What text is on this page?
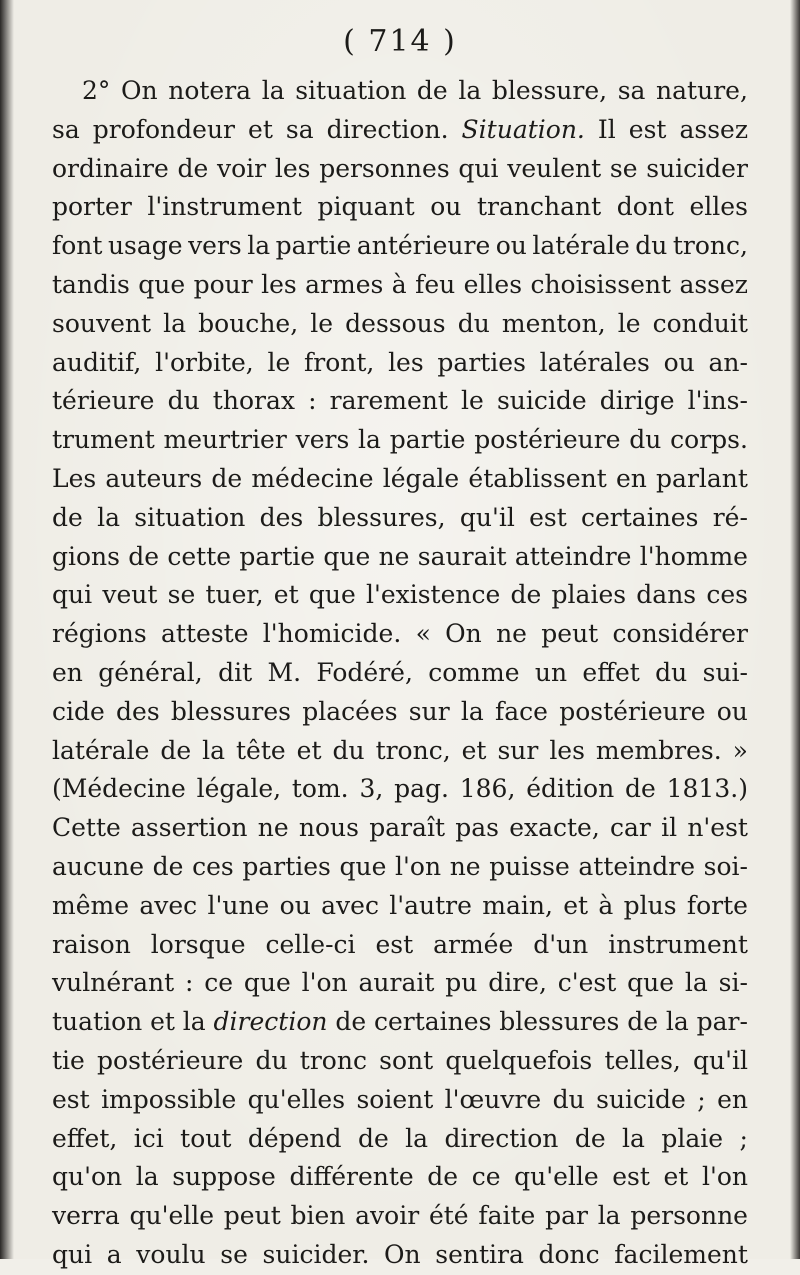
( 714 )
2° On notera la situation de la blessure, sa nature,
sa profondeur et sa direction. Situation. Il est assez
ordinaire de voir les personnes qui veulent se suicider
porter l'instrument piquant ou tranchant dont elles
font usage vers la partie antérieure ou latérale du tronc,
tandis que pour les armes à feu elles choisissent assez
souvent la bouche, le dessous du menton, le conduit
auditif, l'orbite, le front, les parties latérales ou an-
térieure du thorax : rarement le suicide dirige l'ins-
trument meurtrier vers la partie postérieure du corps.
Les auteurs de médecine légale établissent en parlant
de la situation des blessures, qu'il est certaines ré-
gions de cette partie que ne saurait atteindre l'homme
qui veut se tuer, et que l'existence de plaies dans ces
régions atteste l'homicide. « On ne peut considérer
en général, dit M. Fodéré, comme un effet du sui-
cide des blessures placées sur la face postérieure ou
latérale de la tête et du tronc, et sur les membres. »
(Médecine légale, tom. 3, pag. 186, édition de 1813.)
Cette assertion ne nous paraît pas exacte, car il n'est
aucune de ces parties que l'on ne puisse atteindre soi-
même avec l'une ou avec l'autre main, et à plus forte
raison lorsque celle-ci est armée d'un instrument
vulnérant : ce que l'on aurait pu dire, c'est que la si-
tuation et la direction de certaines blessures de la par-
tie postérieure du tronc sont quelquefois telles, qu'il
est impossible qu'elles soient l'œuvre du suicide ; en
effet, ici tout dépend de la direction de la plaie ;
qu'on la suppose différente de ce qu'elle est et l'on
verra qu'elle peut bien avoir été faite par la personne
qui a voulu se suicider. On sentira donc facilement
